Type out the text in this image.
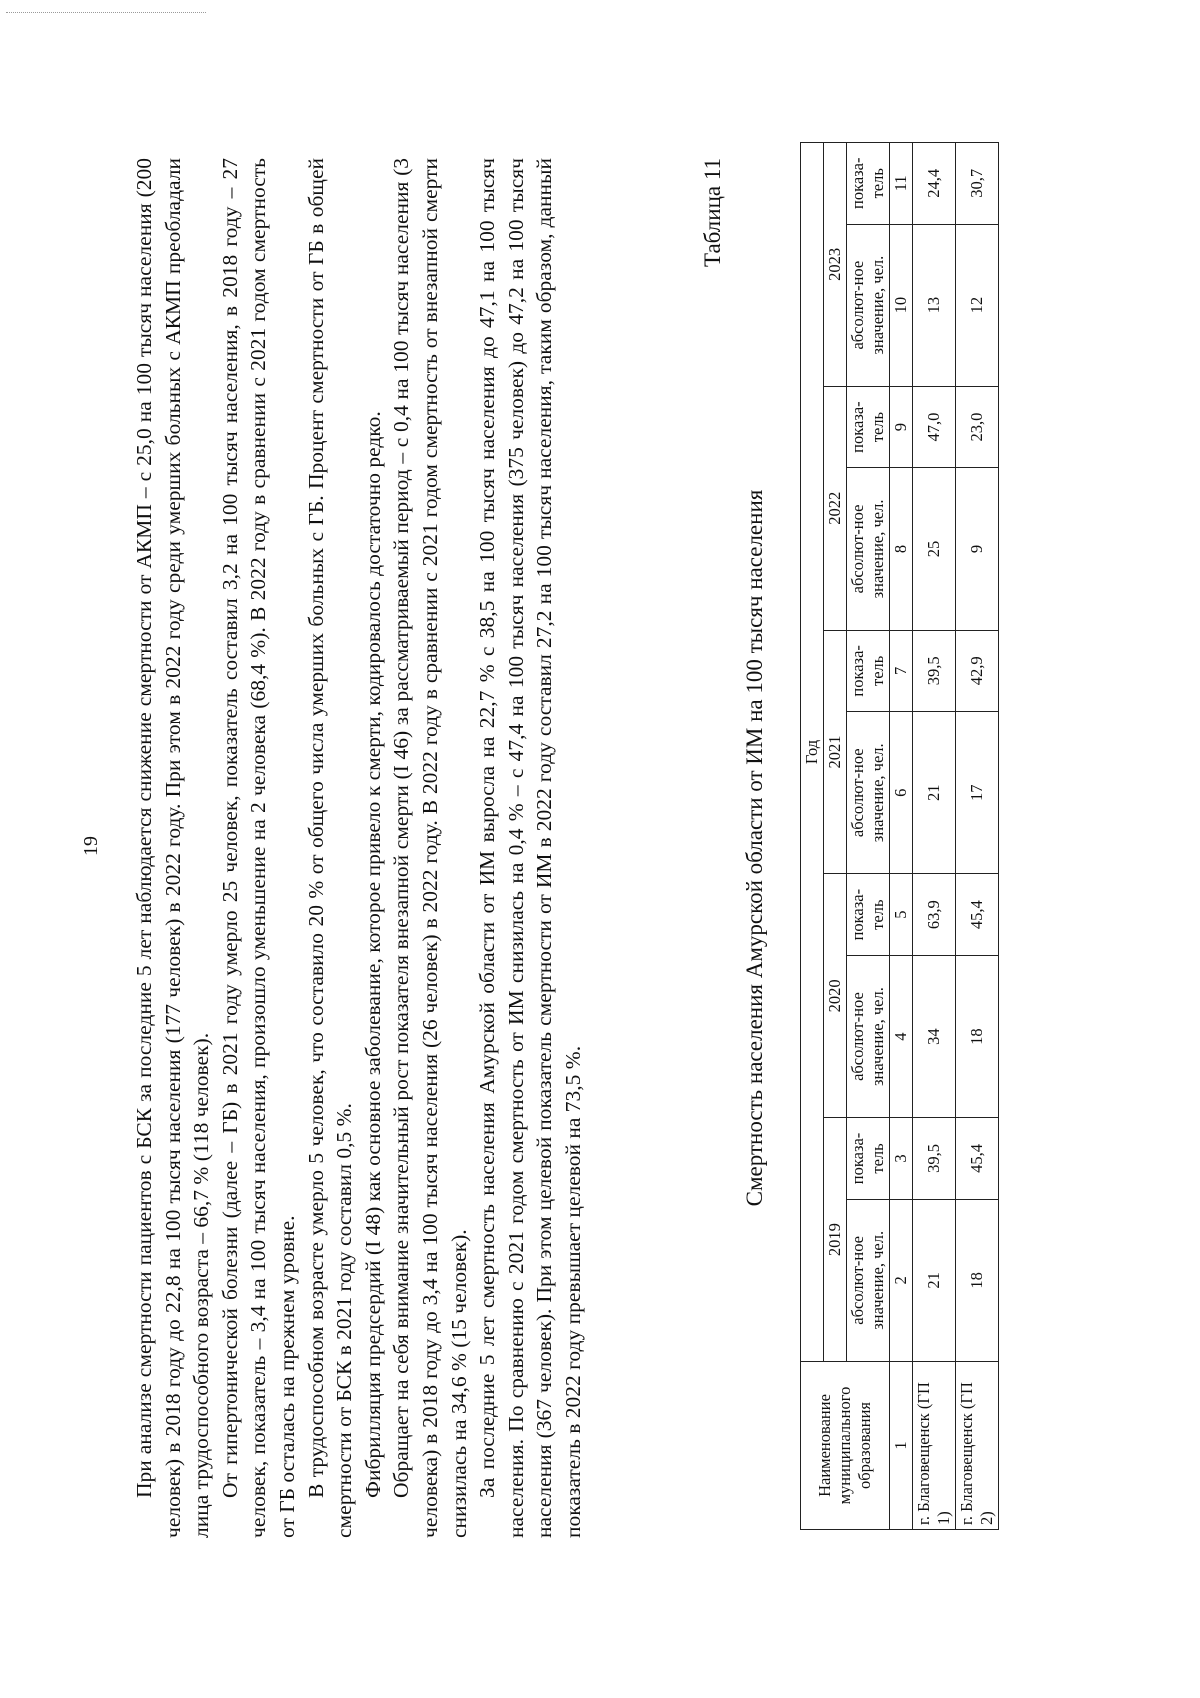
19 При анализе смертности пациентов с БСК за последние 5 лет наблюдается снижение смертности от АКМП – с 25,0 на 100 тысяч населения (200 человек) в 2018 году до 22,8 на 100 тысяч населения (177 человек) в 2022 году. При этом в 2022 году среди умерших больных с АКМП преобладали лица трудоспособного возраста – 66,7 % (118 человек). От гипертонической болезни (далее – ГБ) в 2021 году умерло 25 человек, показатель составил 3,2 на 100 тысяч населения, в 2018 году – 27 человек, показатель – 3,4 на 100 тысяч населения, произошло уменьшение на 2 человека (68,4 %). В 2022 году в сравнении с 2021 годом смертность от ГБ осталась на прежнем уровне. В трудоспособном возрасте умерло 5 человек, что составило 20 % от общего числа умерших больных с ГБ. Процент смертности от ГБ в общей смертности от БСК в 2021 году составил 0,5 %. Фибрилляция предсердий (I 48) как основное заболевание, которое привело к смерти, кодировалось достаточно редко. Обращает на себя внимание значительный рост показателя внезапной смерти (I 46) за рассматриваемый период – с 0,4 на 100 тысяч населения (3 человека) в 2018 году до 3,4 на 100 тысяч населения (26 человек) в 2022 году. В 2022 году в сравнении с 2021 годом смертность от внезапной смерти снизилась на 34,6 % (15 человек). За последние 5 лет смертность населения Амурской области от ИМ выросла на 22,7 % с 38,5 на 100 тысяч населения до 47,1 на 100 тысяч населения. По сравнению с 2021 годом смертность от ИМ снизилась на 0,4 % – с 47,4 на 100 тысяч населения (375 человек) до 47,2 на 100 тысяч населения (367 человек). При этом целевой показатель смертности от ИМ в 2022 году составил 27,2 на 100 тысяч населения, таким образом, данный показатель в 2022 году превышает целевой на 73,5 %.

Таблица 11
Смертность населения Амурской области от ИМ на 100 тысяч населения
Наименование муниципального образования	Год									
	2019		2020		2021		2022		2023	
	абсолют-ное значение, чел.	показа-тель	абсолют-ное значение, чел.	показа-тель	абсолют-ное значение, чел.	показа-тель	абсолют-ное значение, чел.	показа-тель	абсолют-ное значение, чел.	показа-тель
1	2	3	4	5	6	7	8	9	10	11
г. Благовещенск (ГП 1)	21	39,5	34	63,9	21	39,5	25	47,0	13	24,4
г. Благовещенск (ГП 2)	18	45,4	18	45,4	17	42,9	9	23,0	12	30,7
